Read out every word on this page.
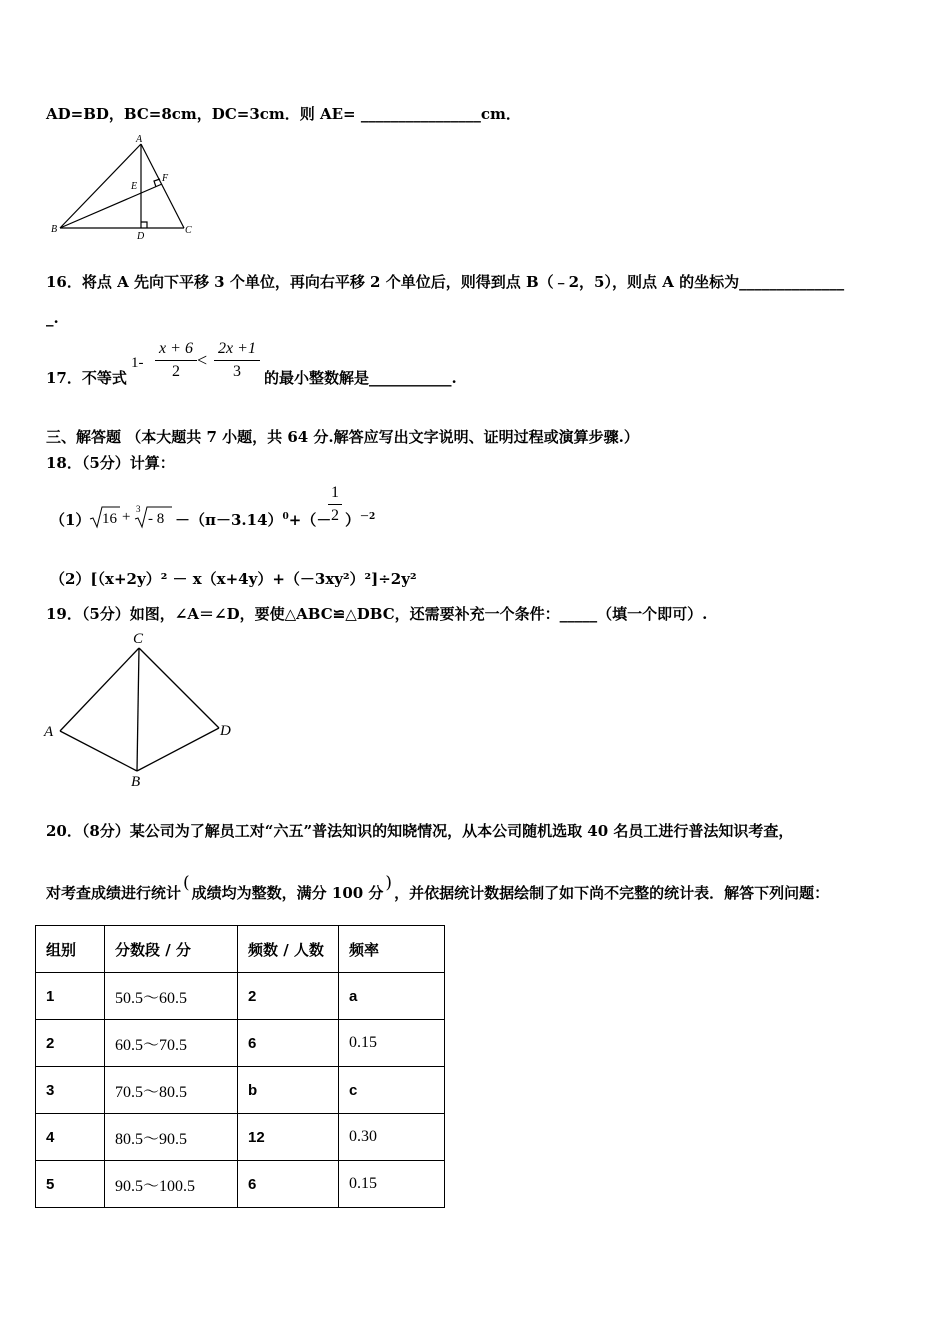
AD=BD，BC=8cm，DC=3cm．则 AE= ________________cm．
A
E
F
B
D
C
16．将点 A 先向下平移 3 个单位，再向右平移 2 个单位后，则得到点 B（﹣2，5），则点 A 的坐标为______________
_.
17．不等式
1-
x + 6
2
<
2x +1
3	的最小整数解是___________.
三、解答题 （本大题共 7 小题，共 64 分.解答应写出文字说明、证明过程或演算步骤.）
18．（5分）计算：
（1） 16 + 3
- $8 -(\pi-3.14)^0+(-$
1
2 ）$^{-2}$
（2）[（x+2y）² － x（x+4y）+（－3xy²）²]÷2y²
19．（5分）如图，∠A＝∠D，要使△ABC≌△DBC，还需要补充一个条件：_____（填一个即可）.
C
A	D
B
20．（8分）某公司为了解员工对“六五”普法知识的知晓情况，从本公司随机选取 40 名员工进行普法知识考查，
对考查成绩进行统计 ( 成绩均为整数，满分 100 分 ) ，并依据统计数据绘制了如下尚不完整的统计表．解答下列问题：
组别	分数段 / 分	频数 / 人数	频率
1	50.5～60.5	2	a
2	60.5～70.5	6	0.15
3	70.5～80.5	b	c
4	80.5～90.5	12	0.30
5	90.5～100.5	6	0.15
